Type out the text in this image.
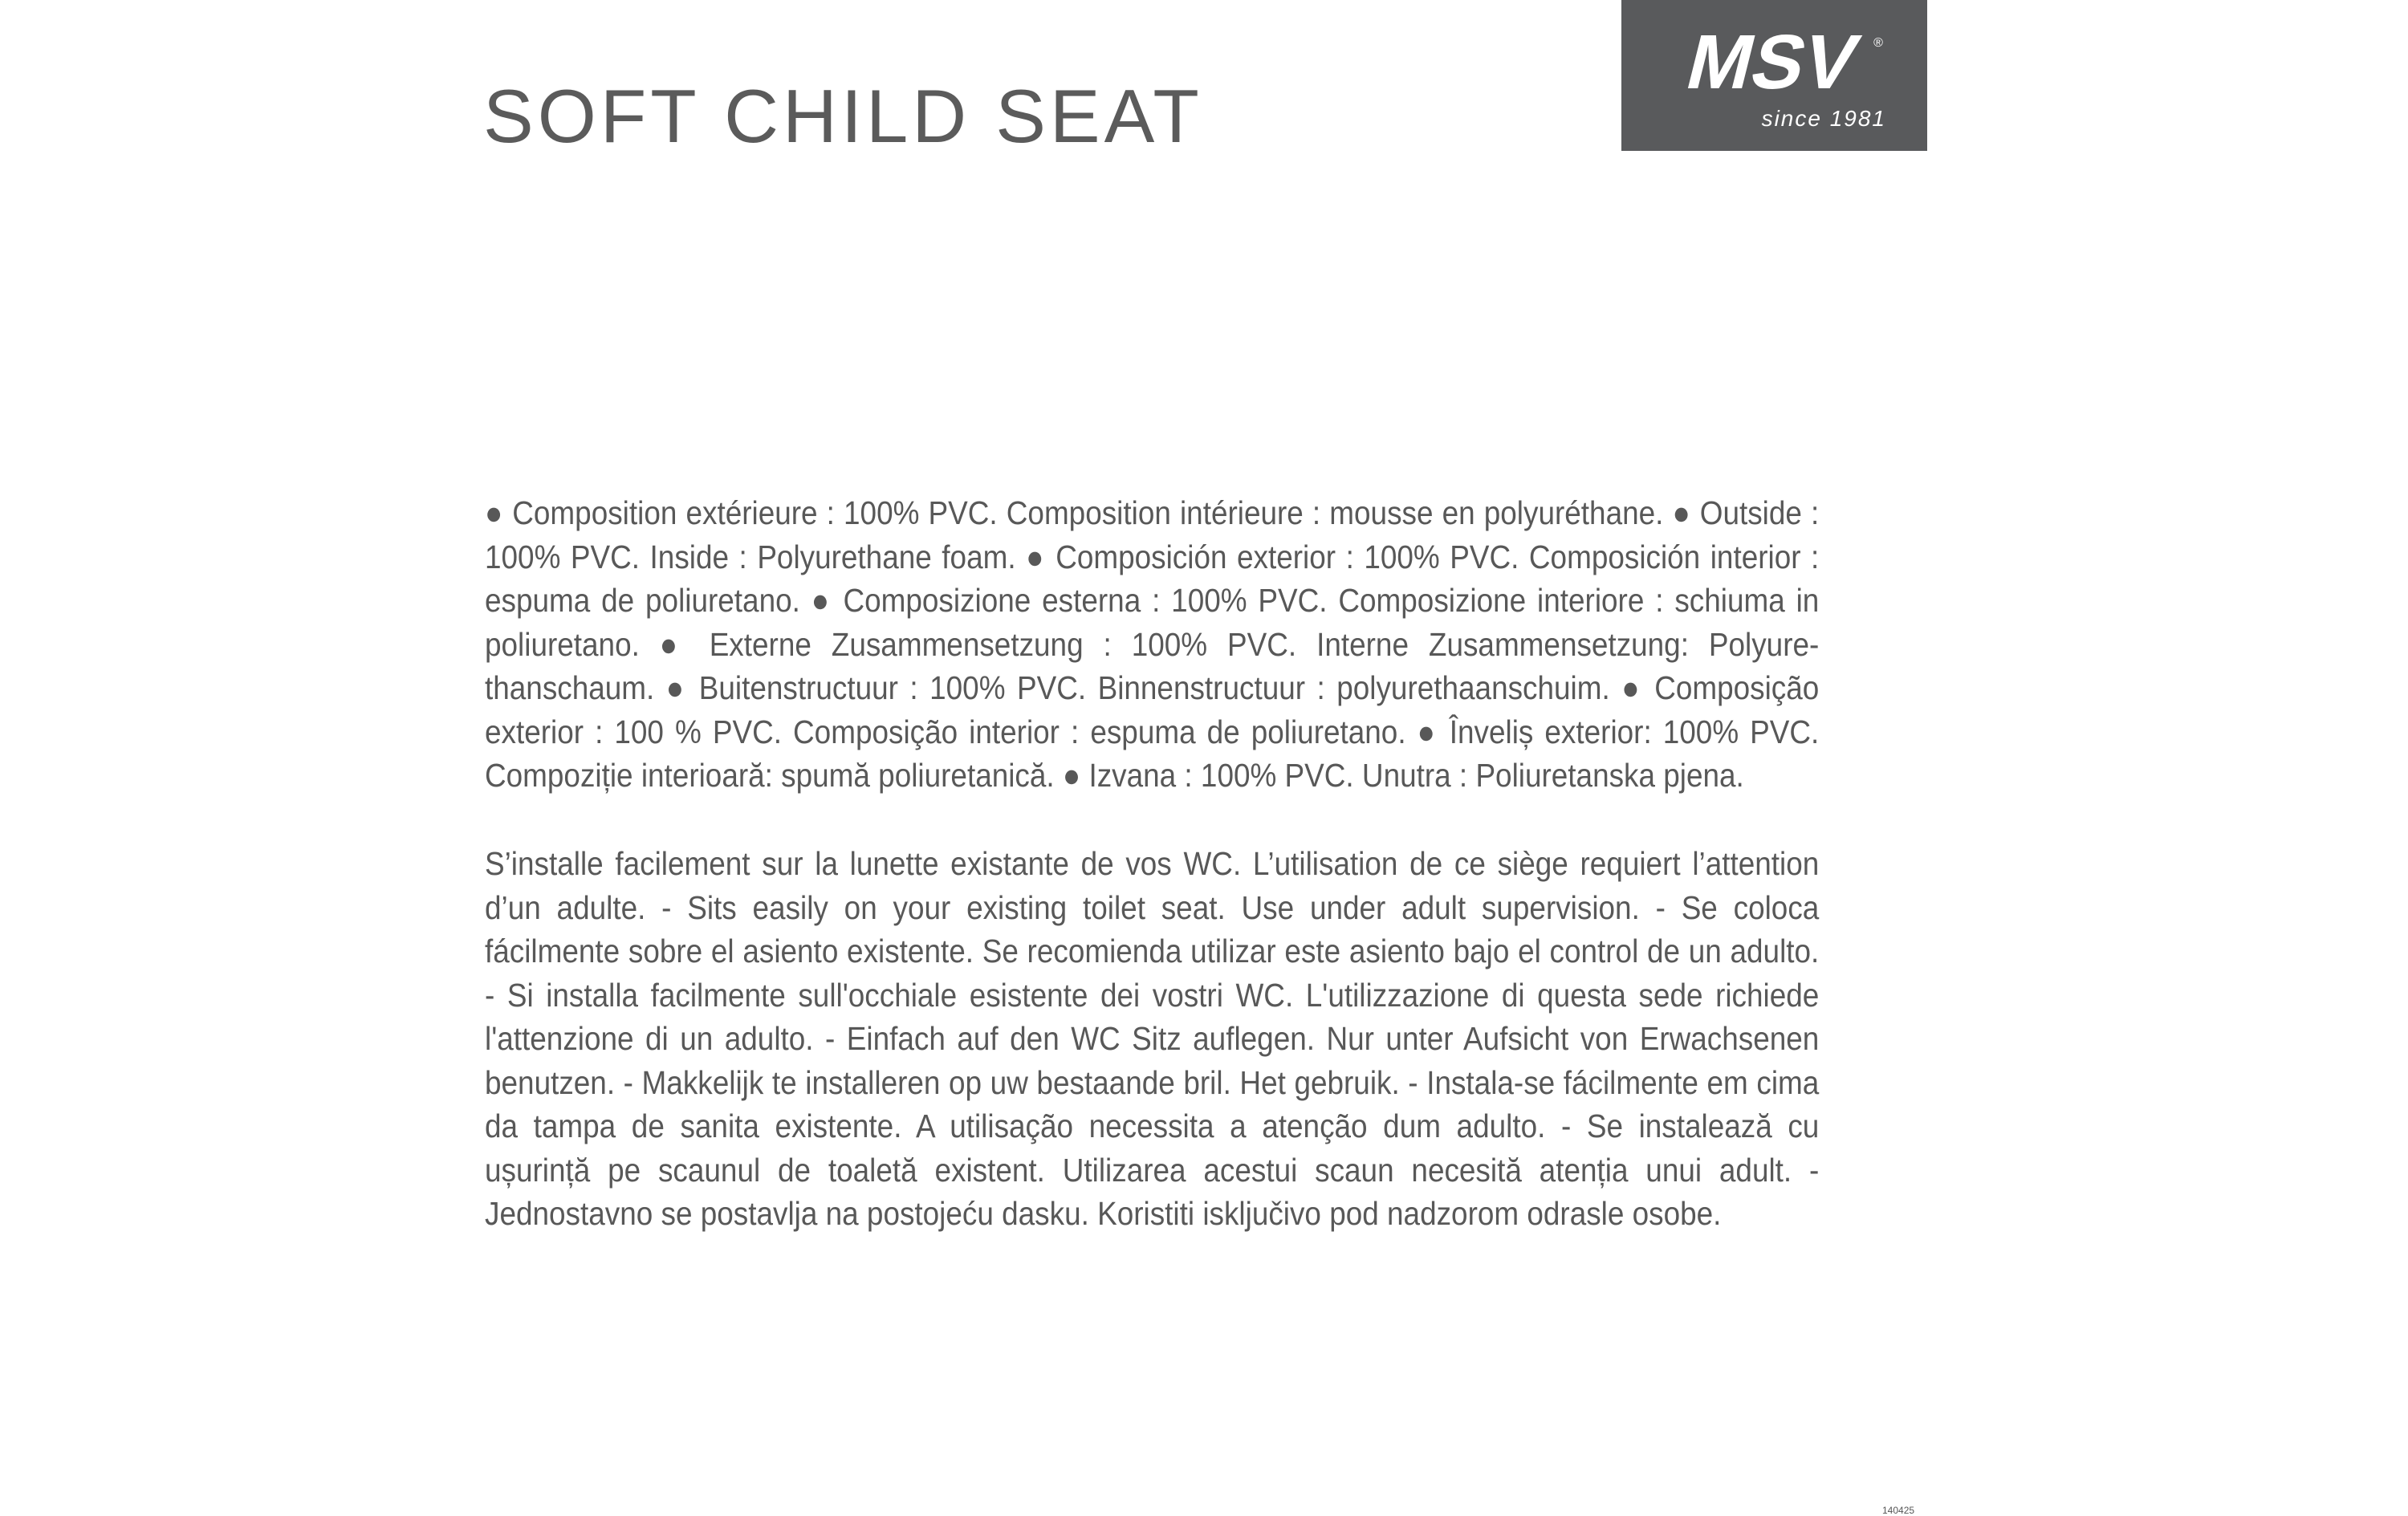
SOFT CHILD SEAT
MSV ®
since 1981

● Composition extérieure : 100% PVC. Composition intérieure : mousse en polyuréthane. ● Outside : 100% PVC. Inside : Polyurethane foam. ● Composición exterior : 100% PVC. Composición interior : espuma de poliuretano. ● Composizione esterna : 100% PVC. Composizione interiore : schiuma in poliuretano. ● Externe Zusammensetzung : 100% PVC. Interne Zusammensetzung: Polyurethanschaum. ● Buitenstructuur : 100% PVC. Binnenstructuur : polyurethaanschuim. ● Composição exterior : 100 % PVC. Composição interior : espuma de poliuretano. ● Înveliș exterior: 100% PVC. Compoziție interioară: spumă poliuretanică. ● Izvana : 100% PVC. Unutra : Poliuretanska pjena.

S’installe facilement sur la lunette existante de vos WC. L’utilisation de ce siège requiert l’attention d’un adulte. - Sits easily on your existing toilet seat. Use under adult supervision. - Se coloca fácilmente sobre el asiento existente. Se recomienda utilizar este asiento bajo el control de un adulto. - Si installa facilmente sull'occhiale esistente dei vostri WC. L'utilizzazione di questa sede richiede l'attenzione di un adulto. - Einfach auf den WC Sitz auflegen. Nur unter Aufsicht von Erwachsenen benutzen. - Makkelijk te installeren op uw bestaande bril. Het gebruik. - Instala-se fácilmente em cima da tampa de sanita existente. A utilisação necessita a atenção dum adulto. - Se instalează cu ușurință pe scaunul de toaletă existent. Utilizarea acestui scaun necesită atenția unui adult. - Jednostavno se postavlja na postojeću dasku. Koristiti isključivo pod nadzorom odrasle osobe.

140425
